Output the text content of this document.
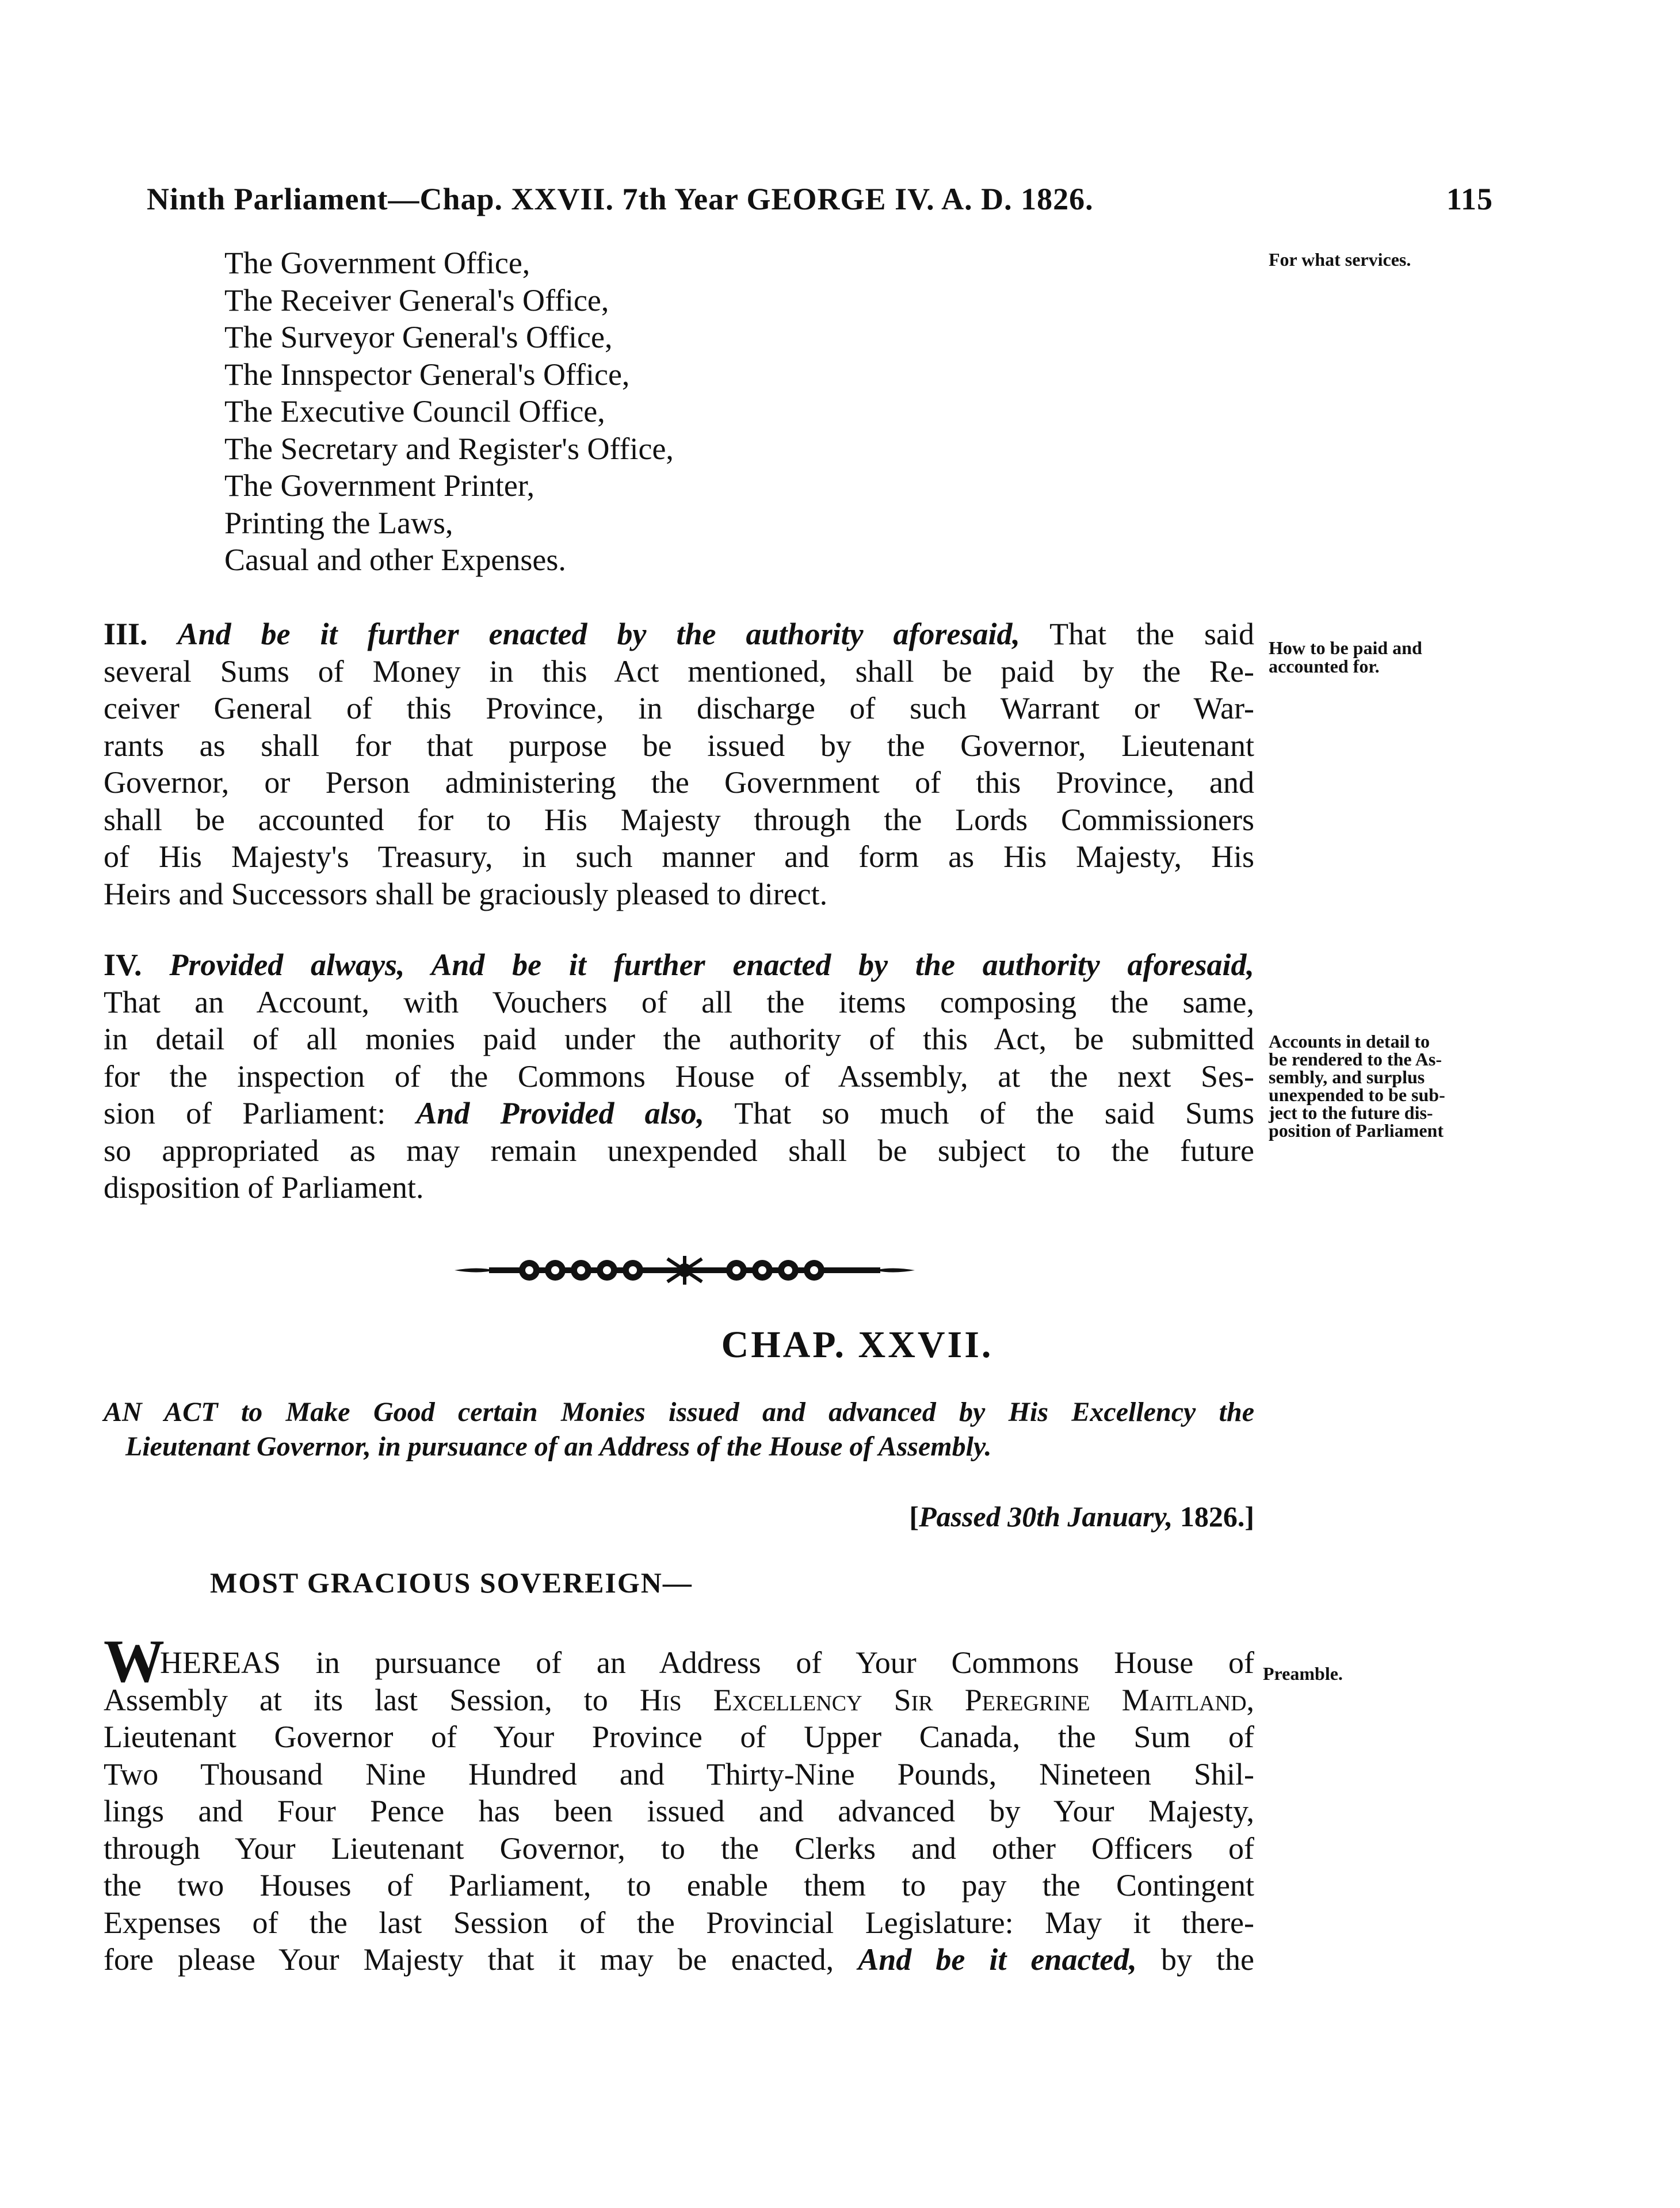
Ninth Parliament—Chap. XXVII. 7th Year GEORGE IV. A. D. 1826.	115
The Government Office,
The Receiver General's Office,
The Surveyor General's Office,
The Innspector General's Office,
The Executive Council Office,
The Secretary and Register's Office,
The Government Printer,
Printing the Laws,
Casual and other Expenses.
For what services.
III. And be it further enacted by the authority aforesaid, That the said
several Sums of Money in this Act mentioned, shall be paid by the Re-
ceiver General of this Province, in discharge of such Warrant or War-
rants as shall for that purpose be issued by the Governor, Lieutenant
Governor, or Person administering the Government of this Province, and
shall be accounted for to His Majesty through the Lords Commissioners
of His Majesty's Treasury, in such manner and form as His Majesty, His
Heirs and Successors shall be graciously pleased to direct.
How to be paid and
accounted for.
IV. Provided always, And be it further enacted by the authority aforesaid,
That an Account, with Vouchers of all the items composing the same,
in detail of all monies paid under the authority of this Act, be submitted
for the inspection of the Commons House of Assembly, at the next Ses-
sion of Parliament: And Provided also, That so much of the said Sums
so appropriated as may remain unexpended shall be subject to the future
disposition of Parliament.
Accounts in detail to
be rendered to the As-
sembly, and surplus
unexpended to be sub-
ject to the future dis-
position of Parliament
CHAP. XXVII.
AN ACT to Make Good certain Monies issued and advanced by His Excellency the
Lieutenant Governor, in pursuance of an Address of the House of Assembly.
[Passed 30th January, 1826.]
MOST GRACIOUS SOVEREIGN—
W
HEREAS in pursuance of an Address of Your Commons House of
Assembly at its last Session, to His Excellency Sir Peregrine Maitland,
Lieutenant Governor of Your Province of Upper Canada, the Sum of
Two Thousand Nine Hundred and Thirty-Nine Pounds, Nineteen Shil-
lings and Four Pence has been issued and advanced by Your Majesty,
through Your Lieutenant Governor, to the Clerks and other Officers of
the two Houses of Parliament, to enable them to pay the Contingent
Expenses of the last Session of the Provincial Legislature: May it there-
fore please Your Majesty that it may be enacted, And be it enacted, by the
Preamble.
